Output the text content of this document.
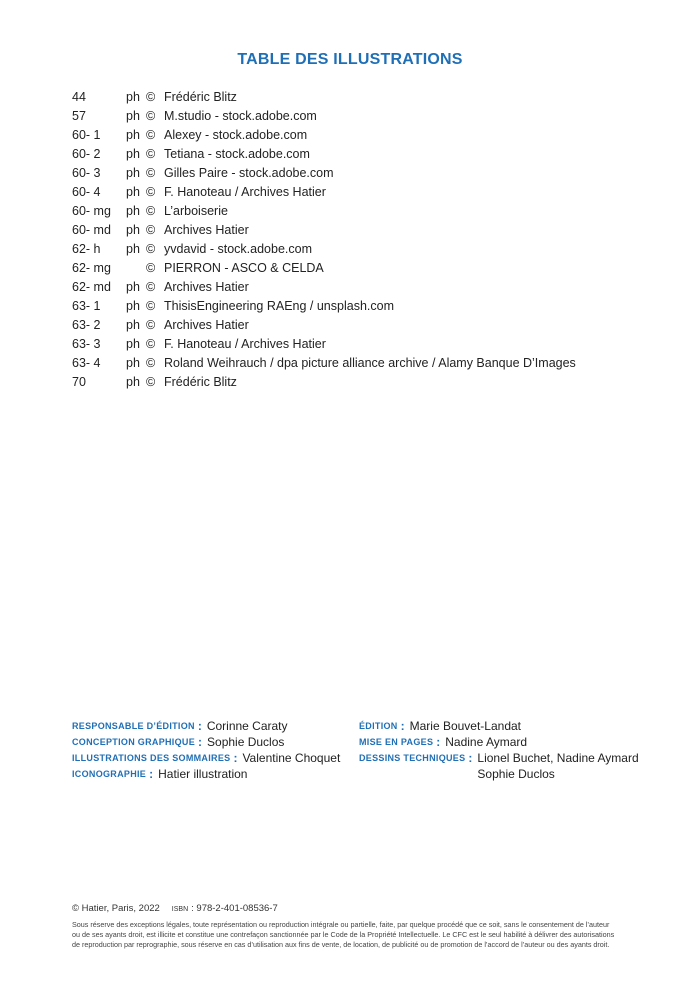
TABLE DES ILLUSTRATIONS
44	ph © Frédéric Blitz
57	ph © M.studio - stock.adobe.com
60- 1	ph © Alexey - stock.adobe.com
60- 2	ph © Tetiana - stock.adobe.com
60- 3	ph © Gilles Paire - stock.adobe.com
60- 4	ph © F. Hanoteau / Archives Hatier
60- mg	ph © L’arboiserie
60- md	ph © Archives Hatier
62- h	ph © yvdavid - stock.adobe.com
62- mg	© PIERRON - ASCO & CELDA
62- md	ph © Archives Hatier
63- 1	ph © ThisisEngineering RAEng / unsplash.com
63- 2	ph © Archives Hatier
63- 3	ph © F. Hanoteau / Archives Hatier
63- 4	ph © Roland Weihrauch / dpa picture alliance archive / Alamy Banque D’Images
70	ph © Frédéric Blitz
RESPONSABLE D’ÉDITION : Corinne Caraty
CONCEPTION GRAPHIQUE : Sophie Duclos
ILLUSTRATIONS DES SOMMAIRES : Valentine Choquet
ICONOGRAPHIE : Hatier illustration
ÉDITION : Marie Bouvet-Landat
MISE EN PAGES : Nadine Aymard
DESSINS TECHNIQUES : Lionel Buchet, Nadine Aymard
Sophie Duclos
© Hatier, Paris, 2022 ISBN : 978-2-401-08536-7
Sous réserve des exceptions légales, toute représentation ou reproduction intégrale ou partielle, faite, par quelque procédé que ce soit, sans le consentement de l’auteur
ou de ses ayants droit, est illicite et constitue une contrefaçon sanctionnée par le Code de la Propriété Intellectuelle. Le CFC est le seul habilité à délivrer des autorisations
de reproduction par reprographie, sous réserve en cas d’utilisation aux fins de vente, de location, de publicité ou de promotion de l’accord de l’auteur ou des ayants droit.
